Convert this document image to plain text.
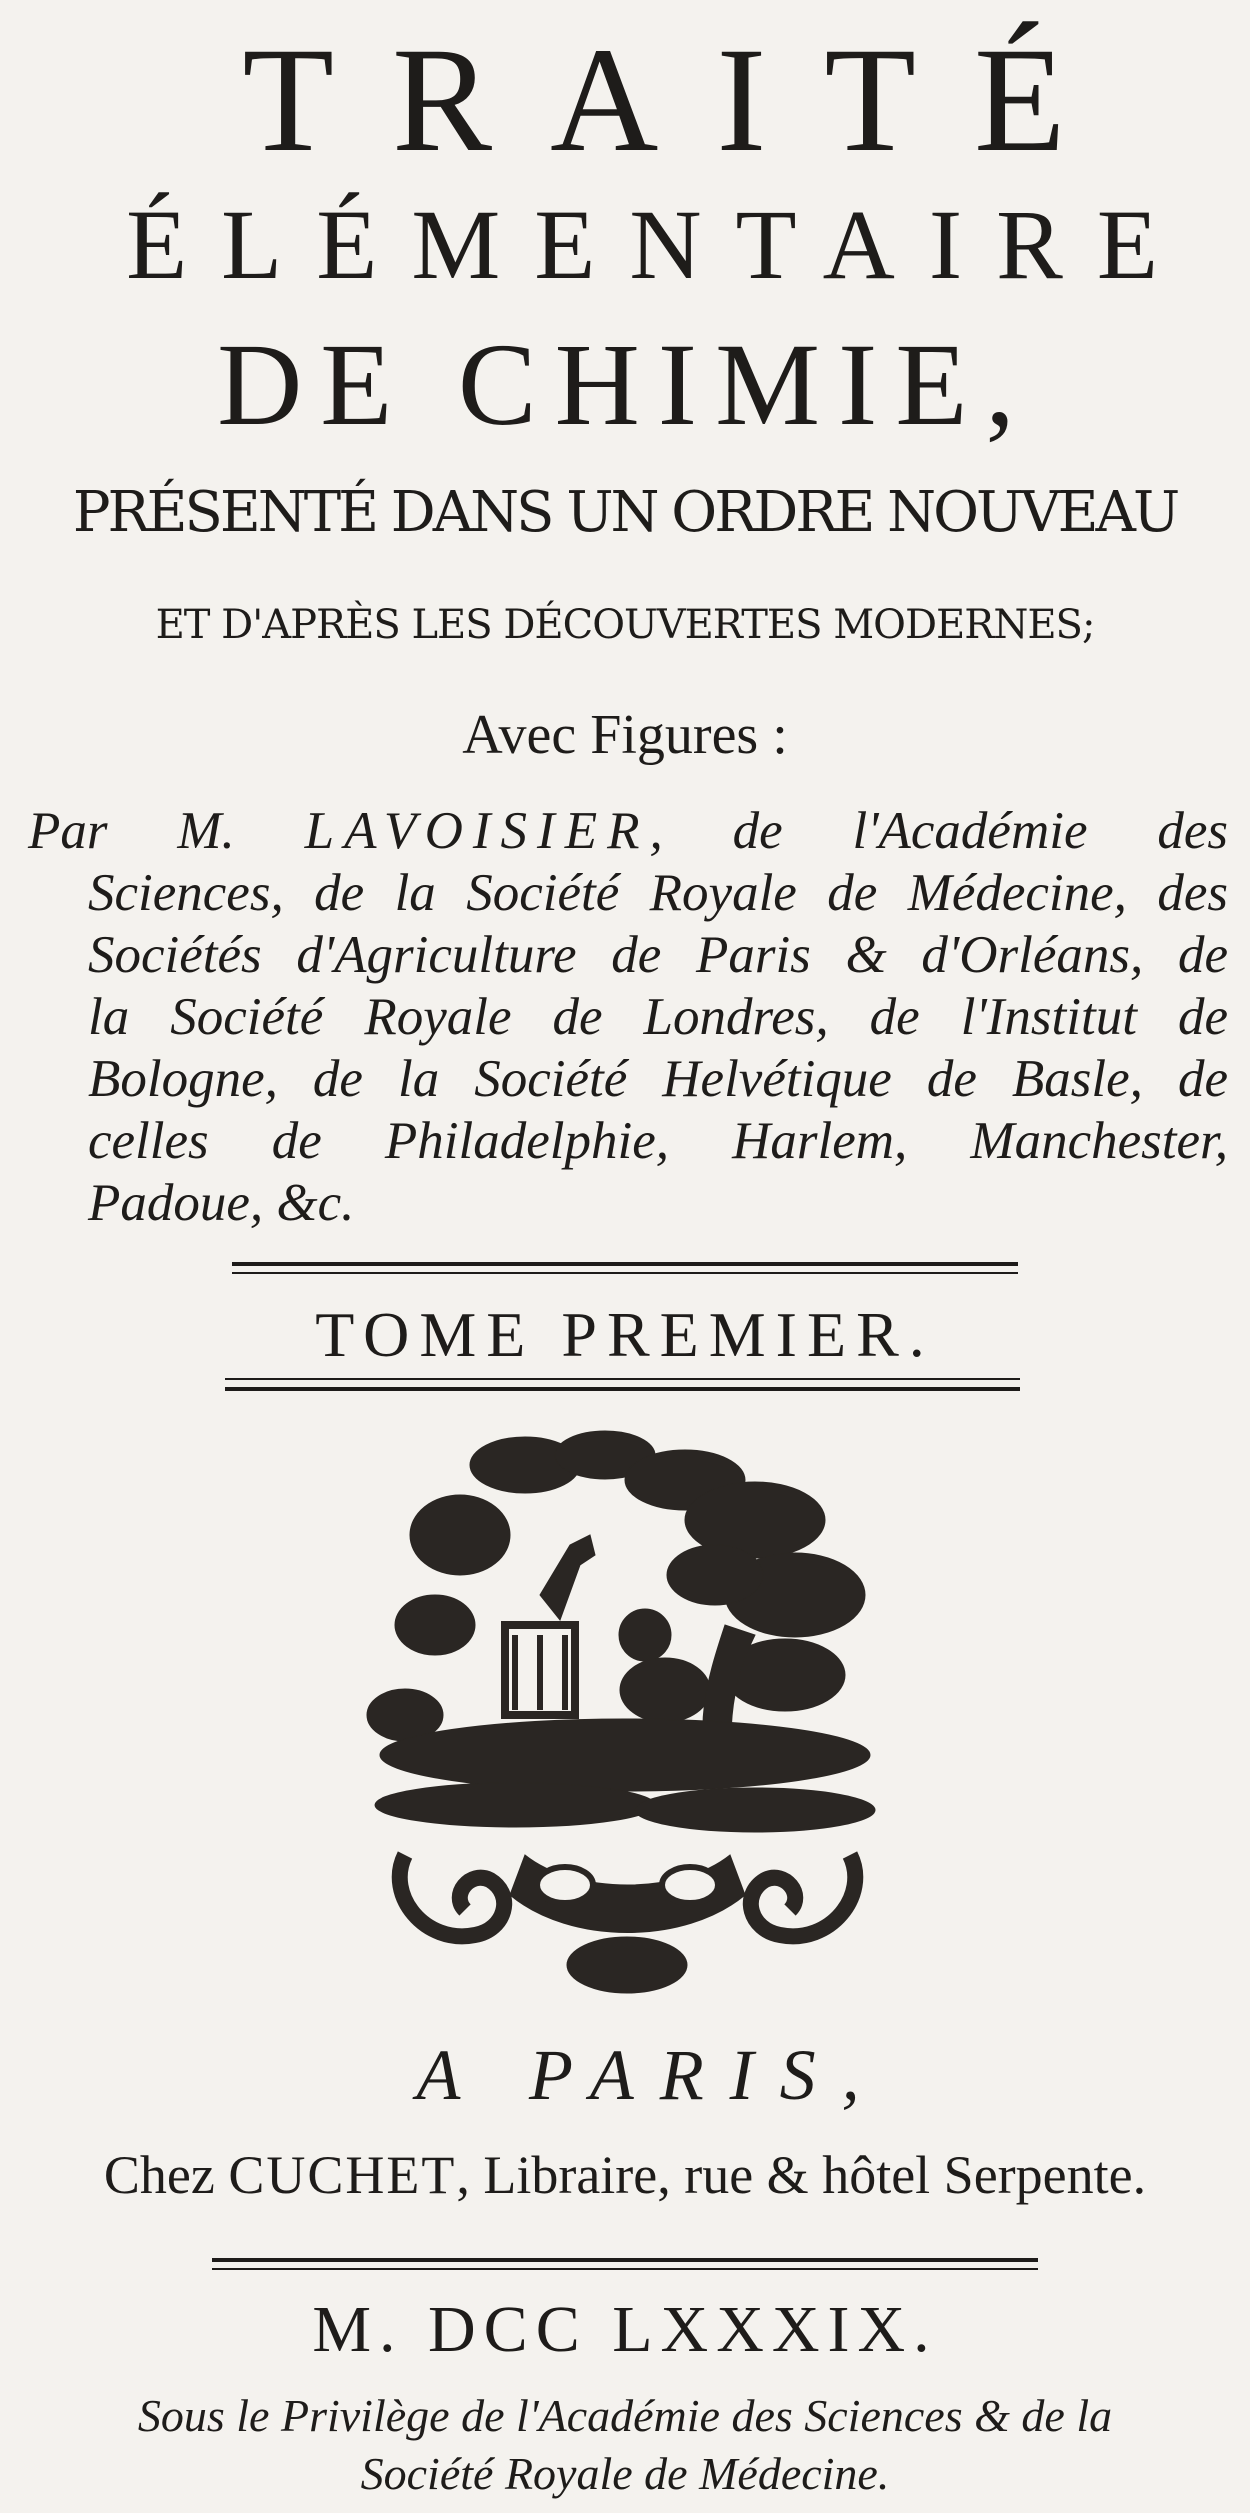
TRAITÉ
ÉLÉMENTAIRE
DE CHIMIE,
PRÉSENTÉ DANS UN ORDRE NOUVEAU
ET D'APRÈS LES DÉCOUVERTES MODERNES;
Avec Figures :
Par M. LAVOISIER, de l'Académie des
Sciences, de la Société Royale de Médecine, des
Sociétés d'Agriculture de Paris & d'Orléans, de
la Société Royale de Londres, de l'Institut de
Bologne, de la Société Helvétique de Basle, de
celles de Philadelphie, Harlem, Manchester,
Padoue, &c.
TOME PREMIER.
A PARIS,
Chez CUCHET, Libraire, rue & hôtel Serpente.
M. DCC LXXXIX.
Sous le Privilège de l'Académie des Sciences & de la
Société Royale de Médecine.
